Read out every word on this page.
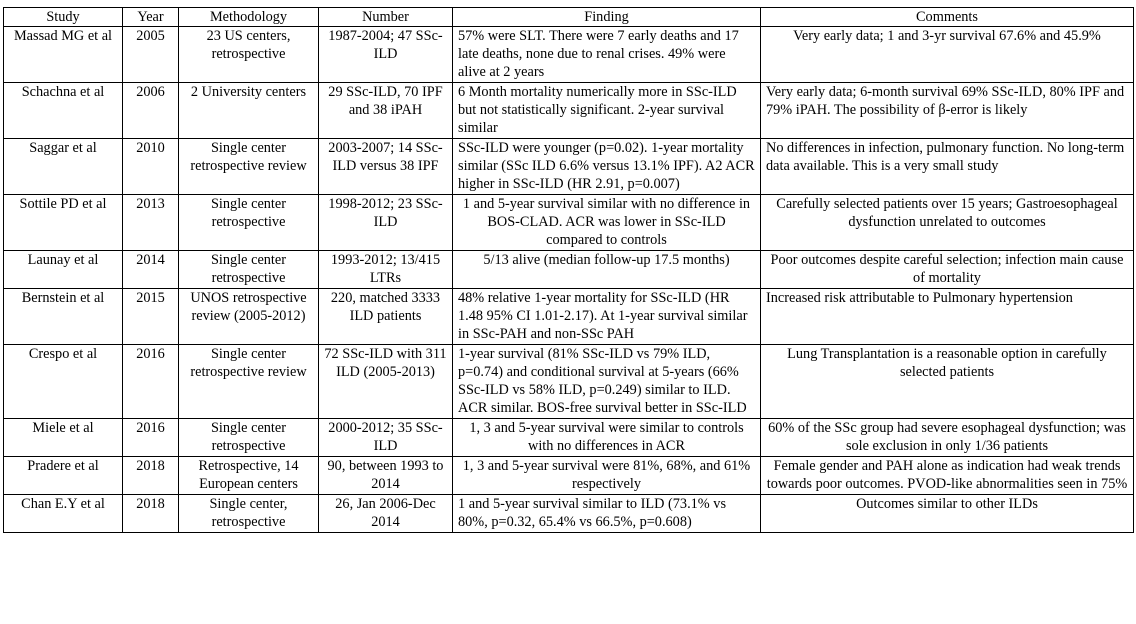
Study	Year	Methodology	Number	Finding	Comments
Massad MG et al	2005	23 US centers, retrospective	1987-2004; 47 SSc-ILD	57% were SLT. There were 7 early deaths and 17 late deaths, none due to renal crises. 49% were alive at 2 years	Very early data; 1 and 3-yr survival 67.6% and 45.9%
Schachna et al	2006	2 University centers	29 SSc-ILD, 70 IPF and 38 iPAH	6 Month mortality numerically more in SSc-ILD but not statistically significant. 2-year survival similar	Very early data; 6-month survival 69% SSc-ILD, 80% IPF and 79% iPAH. The possibility of β-error is likely
Saggar et al	2010	Single center retrospective review	2003-2007; 14 SSc-ILD versus 38 IPF	SSc-ILD were younger (p=0.02). 1-year mortality similar (SSc ILD 6.6% versus 13.1% IPF). A2 ACR higher in SSc-ILD (HR 2.91, p=0.007)	No differences in infection, pulmonary function. No long-term data available. This is a very small study
Sottile PD et al	2013	Single center retrospective	1998-2012; 23 SSc-ILD	1 and 5-year survival similar with no difference in BOS-CLAD. ACR was lower in SSc-ILD compared to controls	Carefully selected patients over 15 years; Gastroesophageal dysfunction unrelated to outcomes
Launay et al	2014	Single center retrospective	1993-2012; 13/415 LTRs	5/13 alive (median follow-up 17.5 months)	Poor outcomes despite careful selection; infection main cause of mortality
Bernstein et al	2015	UNOS retrospective review (2005-2012)	220, matched 3333 ILD patients	48% relative 1-year mortality for SSc-ILD (HR 1.48 95% CI 1.01-2.17). At 1-year survival similar in SSc-PAH and non-SSc PAH	Increased risk attributable to Pulmonary hypertension
Crespo et al	2016	Single center retrospective review	72 SSc-ILD with 311 ILD (2005-2013)	1-year survival (81% SSc-ILD vs 79% ILD, p=0.74) and conditional survival at 5-years (66% SSc-ILD vs 58% ILD, p=0.249) similar to ILD. ACR similar. BOS-free survival better in SSc-ILD	Lung Transplantation is a reasonable option in carefully selected patients
Miele et al	2016	Single center retrospective	2000-2012; 35 SSc-ILD	1, 3 and 5-year survival were similar to controls with no differences in ACR	60% of the SSc group had severe esophageal dysfunction; was sole exclusion in only 1/36 patients
Pradere et al	2018	Retrospective, 14 European centers	90, between 1993 to 2014	1, 3 and 5-year survival were 81%, 68%, and 61% respectively	Female gender and PAH alone as indication had weak trends towards poor outcomes. PVOD-like abnormalities seen in 75%
Chan E.Y et al	2018	Single center, retrospective	26, Jan 2006-Dec 2014	1 and 5-year survival similar to ILD (73.1% vs 80%, p=0.32, 65.4% vs 66.5%, p=0.608)	Outcomes similar to other ILDs
